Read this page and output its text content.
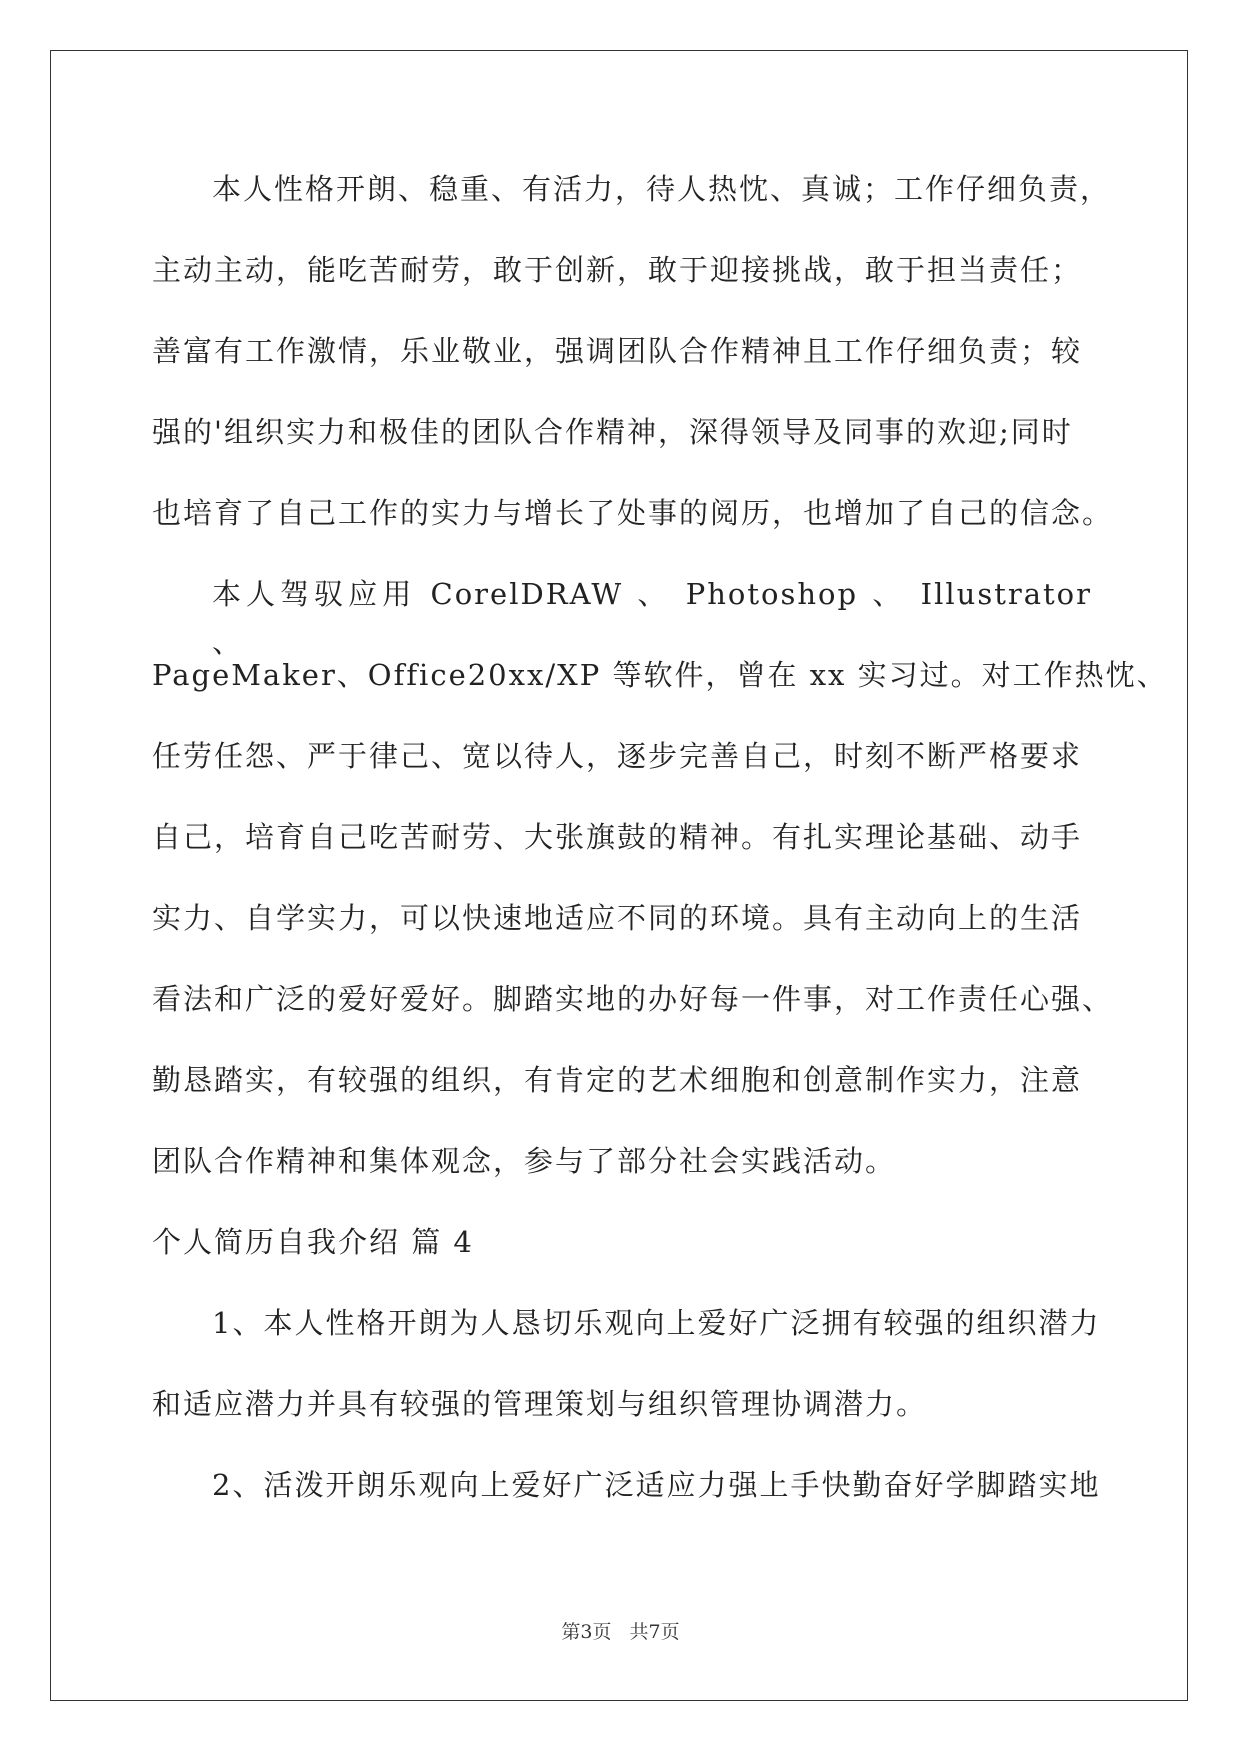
本人性格开朗、稳重、有活力，待人热忱、真诚；工作仔细负责，
主动主动，能吃苦耐劳，敢于创新，敢于迎接挑战，敢于担当责任；
善富有工作激情，乐业敬业，强调团队合作精神且工作仔细负责；较
强的'组织实力和极佳的团队合作精神，深得领导及同事的欢迎;同时
也培育了自己工作的实力与增长了处事的阅历，也增加了自己的信念。
本人驾驭应用 CorelDRAW 、 Photoshop 、 Illustrator 、
PageMaker、Office20xx/XP 等软件，曾在 xx 实习过。对工作热忱、
任劳任怨、严于律己、宽以待人，逐步完善自己，时刻不断严格要求
自己，培育自己吃苦耐劳、大张旗鼓的精神。有扎实理论基础、动手
实力、自学实力，可以快速地适应不同的环境。具有主动向上的生活
看法和广泛的爱好爱好。脚踏实地的办好每一件事，对工作责任心强、
勤恳踏实，有较强的组织，有肯定的艺术细胞和创意制作实力，注意
团队合作精神和集体观念，参与了部分社会实践活动。
个人简历自我介绍 篇 4
1、本人性格开朗为人恳切乐观向上爱好广泛拥有较强的组织潜力
和适应潜力并具有较强的管理策划与组织管理协调潜力。
2、活泼开朗乐观向上爱好广泛适应力强上手快勤奋好学脚踏实地
第3页 共7页
